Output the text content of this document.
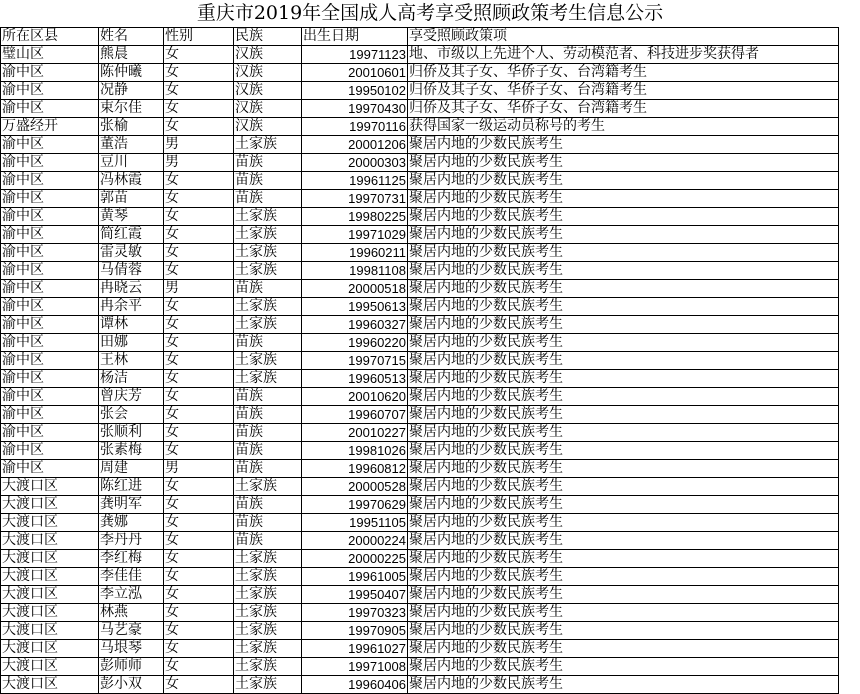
重庆市2019年全国成人高考享受照顾政策考生信息公示
所在区县	姓名	性别	民族	出生日期	享受照顾政策项
璧山区	熊晨	女	汉族	19971123	地、市级以上先进个人、劳动模范者、科技进步奖获得者
渝中区	陈仲曦	女	汉族	20010601	归侨及其子女、华侨子女、台湾籍考生
渝中区	况静	女	汉族	19950102	归侨及其子女、华侨子女、台湾籍考生
渝中区	束尔佳	女	汉族	19970430	归侨及其子女、华侨子女、台湾籍考生
万盛经开	张榆	女	汉族	19970116	获得国家一级运动员称号的考生
渝中区	董浩	男	土家族	20001206	聚居内地的少数民族考生
渝中区	豆川	男	苗族	20000303	聚居内地的少数民族考生
渝中区	冯林霞	女	苗族	19961125	聚居内地的少数民族考生
渝中区	郭苗	女	苗族	19970731	聚居内地的少数民族考生
渝中区	黄琴	女	土家族	19980225	聚居内地的少数民族考生
渝中区	简红霞	女	土家族	19971029	聚居内地的少数民族考生
渝中区	雷灵敏	女	土家族	19960211	聚居内地的少数民族考生
渝中区	马倩蓉	女	土家族	19981108	聚居内地的少数民族考生
渝中区	冉晓云	男	苗族	20000518	聚居内地的少数民族考生
渝中区	冉余平	女	土家族	19950613	聚居内地的少数民族考生
渝中区	谭林	女	土家族	19960327	聚居内地的少数民族考生
渝中区	田娜	女	苗族	19960220	聚居内地的少数民族考生
渝中区	王林	女	土家族	19970715	聚居内地的少数民族考生
渝中区	杨洁	女	土家族	19960513	聚居内地的少数民族考生
渝中区	曾庆芳	女	苗族	20010620	聚居内地的少数民族考生
渝中区	张会	女	苗族	19960707	聚居内地的少数民族考生
渝中区	张顺利	女	苗族	20010227	聚居内地的少数民族考生
渝中区	张素梅	女	苗族	19981026	聚居内地的少数民族考生
渝中区	周建	男	苗族	19960812	聚居内地的少数民族考生
大渡口区	陈红进	女	土家族	20000528	聚居内地的少数民族考生
大渡口区	龚明军	女	苗族	19970629	聚居内地的少数民族考生
大渡口区	龚娜	女	苗族	19951105	聚居内地的少数民族考生
大渡口区	李丹丹	女	苗族	20000224	聚居内地的少数民族考生
大渡口区	李红梅	女	土家族	20000225	聚居内地的少数民族考生
大渡口区	李佳佳	女	土家族	19961005	聚居内地的少数民族考生
大渡口区	李立泓	女	土家族	19950407	聚居内地的少数民族考生
大渡口区	林燕	女	土家族	19970323	聚居内地的少数民族考生
大渡口区	马艺豪	女	土家族	19970905	聚居内地的少数民族考生
大渡口区	马垠琴	女	土家族	19961027	聚居内地的少数民族考生
大渡口区	彭师师	女	土家族	19971008	聚居内地的少数民族考生
大渡口区	彭小双	女	土家族	19960406	聚居内地的少数民族考生
